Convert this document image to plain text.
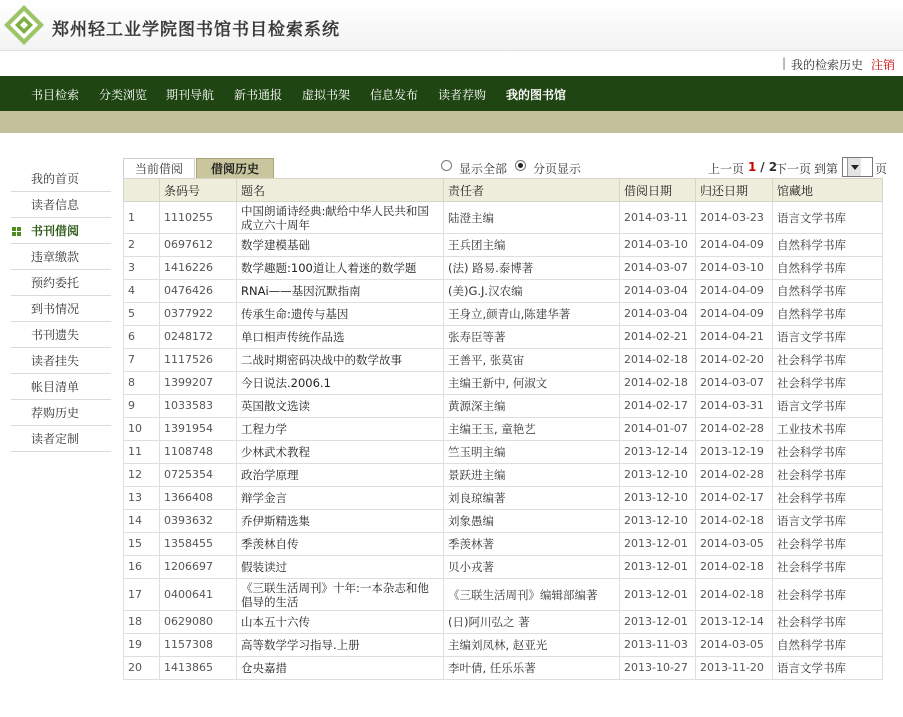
郑州轻工业学院图书馆书目检索系统
| 我的检索历史 注销
书目检索 分类浏览 期刊导航 新书通报 虚拟书架 信息发布 读者荐购 我的图书馆
我的首页
读者信息
书刊借阅
违章缴款
预约委托
到书情况
书刊遗失
读者挂失
帐目清单
荐购历史
读者定制
当前借阅	借阅历史	显示全部 分页显示	上一页 1 / 2
下一页 到第	页
	条码号	题名	责任者	借阅日期	归还日期	馆藏地
1	1110255	中国朗诵诗经典:献给中华人民共和国成立六十周年	陆澄主编	2014-03-11	2014-03-23	语言文学书库
2	0697612	数学建模基础	王兵团主编	2014-03-10	2014-04-09	自然科学书库
3	1416226	数学趣题:100道让人着迷的数学题	(法) 路易.泰博著	2014-03-07	2014-03-10	自然科学书库
4	0476426	RNAi——基因沉默指南	(美)G.J.汉农编	2014-03-04	2014-04-09	自然科学书库
5	0377922	传承生命:遗传与基因	王身立,颜青山,陈建华著	2014-03-04	2014-04-09	自然科学书库
6	0248172	单口相声传统作品选	张寿臣等著	2014-02-21	2014-04-21	语言文学书库
7	1117526	二战时期密码决战中的数学故事	王善平, 张莫宙	2014-02-18	2014-02-20	社会科学书库
8	1399207	今日说法.2006.1	主编王新中, 何淑文	2014-02-18	2014-03-07	社会科学书库
9	1033583	英国散文选读	黄源深主编	2014-02-17	2014-03-31	语言文学书库
10	1391954	工程力学	主编王玉, 童艳艺	2014-01-07	2014-02-28	工业技术书库
11	1108748	少林武术教程	竺玉明主编	2013-12-14	2013-12-19	社会科学书库
12	0725354	政治学原理	景跃进主编	2013-12-10	2014-02-28	社会科学书库
13	1366408	辩学金言	刘良琼编著	2013-12-10	2014-02-17	社会科学书库
14	0393632	乔伊斯精选集	刘象愚编	2013-12-10	2014-02-18	语言文学书库
15	1358455	季羡林自传	季羡林著	2013-12-01	2014-03-05	社会科学书库
16	1206697	假装读过	贝小戎著	2013-12-01	2014-02-18	社会科学书库
17	0400641	《三联生活周刊》十年:一本杂志和他倡导的生活	《三联生活周刊》编辑部编著	2013-12-01	2014-02-18	社会科学书库
18	0629080	山本五十六传	(日)阿川弘之 著	2013-12-01	2013-12-14	社会科学书库
19	1157308	高等数学学习指导.上册	主编刘凤林, 赵亚光	2013-11-03	2014-03-05	自然科学书库
20	1413865	仓央嘉措	李叶倩, 任乐乐著	2013-10-27	2013-11-20	语言文学书库
